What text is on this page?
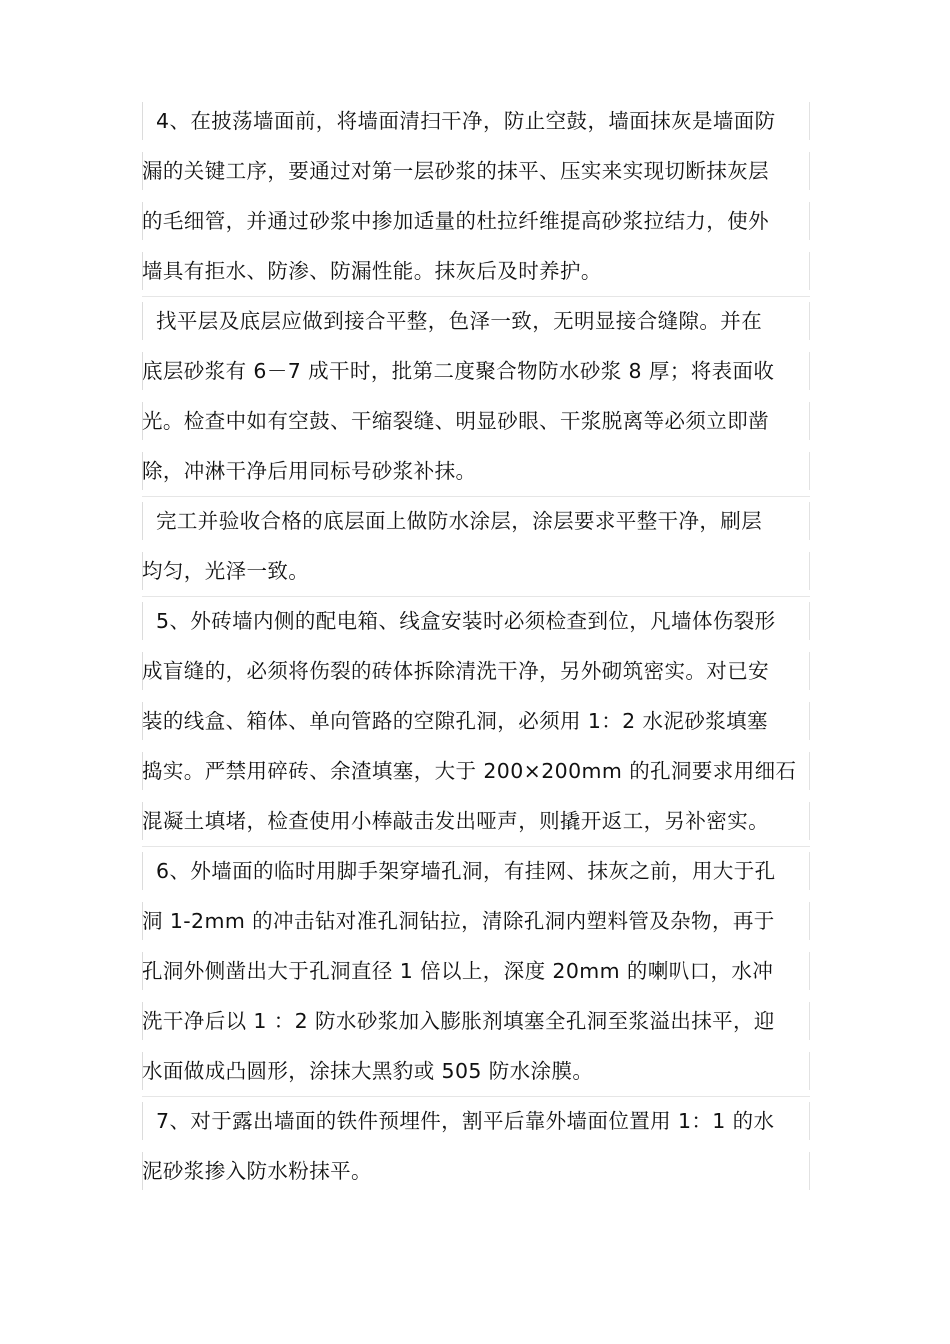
4、在披荡墙面前，将墙面清扫干净，防止空鼓，墙面抹灰是墙面防
漏的关键工序，要通过对第一层砂浆的抹平、压实来实现切断抹灰层
的毛细管，并通过砂浆中掺加适量的杜拉纤维提高砂浆拉结力，使外
墙具有拒水、防渗、防漏性能。抹灰后及时养护。
找平层及底层应做到接合平整，色泽一致，无明显接合缝隙。并在
底层砂浆有 6－7 成干时，批第二度聚合物防水砂浆 8 厚；将表面收
光。检查中如有空鼓、干缩裂缝、明显砂眼、干浆脱离等必须立即凿
除，冲淋干净后用同标号砂浆补抹。
完工并验收合格的底层面上做防水涂层，涂层要求平整干净，刷层
均匀，光泽一致。
5、外砖墙内侧的配电箱、线盒安装时必须检查到位，凡墙体伤裂形
成盲缝的，必须将伤裂的砖体拆除清洗干净，另外砌筑密实。对已安
装的线盒、箱体、单向管路的空隙孔洞，必须用 1：2 水泥砂浆填塞
捣实。严禁用碎砖、余渣填塞，大于 200×200mm 的孔洞要求用细石
混凝土填堵，检查使用小棒敲击发出哑声，则撬开返工，另补密实。
6、外墙面的临时用脚手架穿墙孔洞，有挂网、抹灰之前，用大于孔
洞 1-2mm 的冲击钻对准孔洞钻拉，清除孔洞内塑料管及杂物，再于
孔洞外侧凿出大于孔洞直径 1 倍以上，深度 20mm 的喇叭口，水冲
洗干净后以 1 ：2 防水砂浆加入膨胀剂填塞全孔洞至浆溢出抹平，迎
水面做成凸圆形，涂抹大黑豹或 505 防水涂膜。
7、对于露出墙面的铁件预埋件，割平后靠外墙面位置用 1：1 的水
泥砂浆掺入防水粉抹平。
